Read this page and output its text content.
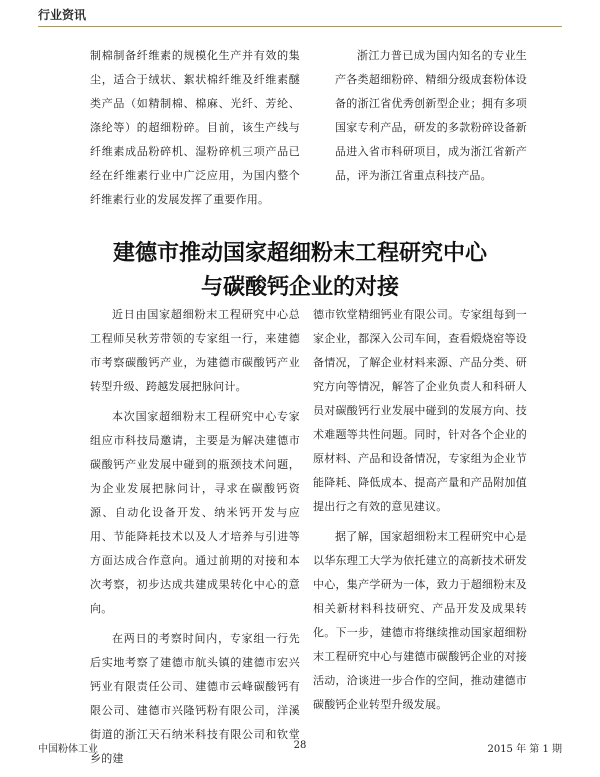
行业资讯

制棉制备纤维素的规模化生产并有效的集尘，适合于绒状、絮状棉纤维及纤维素醚类产品（如精制棉、棉麻、光纤、芳纶、涤纶等）的超细粉碎。目前，该生产线与纤维素成品粉碎机、湿粉碎机三项产品已经在纤维素行业中广泛应用，为国内整个纤维素行业的发展发挥了重要作用。

浙江力普已成为国内知名的专业生产各类超细粉碎、精细分级成套粉体设备的浙江省优秀创新型企业；拥有多项国家专利产品，研发的多款粉碎设备新品进入省市科研项目，成为浙江省新产品，评为浙江省重点科技产品。

建德市推动国家超细粉末工程研究中心
与碳酸钙企业的对接

近日由国家超细粉末工程研究中心总工程师吴秋芳带领的专家组一行，来建德市考察碳酸钙产业，为建德市碳酸钙产业转型升级、跨越发展把脉问计。

本次国家超细粉末工程研究中心专家组应市科技局邀请，主要是为解决建德市碳酸钙产业发展中碰到的瓶颈技术问题，为企业发展把脉问计，寻求在碳酸钙资源、自动化设备开发、纳米钙开发与应用、节能降耗技术以及人才培养与引进等方面达成合作意向。通过前期的对接和本次考察，初步达成共建成果转化中心的意向。

在两日的考察时间内，专家组一行先后实地考察了建德市航头镇的建德市宏兴钙业有限责任公司、建德市云峰碳酸钙有限公司、建德市兴隆钙粉有限公司，洋溪街道的浙江天石纳米科技有限公司和钦堂乡的建

德市钦堂精细钙业有限公司。专家组每到一家企业，都深入公司车间，查看煅烧窑等设备情况，了解企业材料来源、产品分类、研究方向等情况，解答了企业负责人和科研人员对碳酸钙行业发展中碰到的发展方向、技术难题等共性问题。同时，针对各个企业的原材料、产品和设备情况，专家组为企业节能降耗、降低成本、提高产量和产品附加值提出行之有效的意见建议。

据了解，国家超细粉末工程研究中心是以华东理工大学为依托建立的高新技术研发中心，集产学研为一体，致力于超细粉末及相关新材料科技研究、产品开发及成果转化。下一步，建德市将继续推动国家超细粉末工程研究中心与建德市碳酸钙企业的对接活动，洽谈进一步合作的空间，推动建德市碳酸钙企业转型升级发展。

中国粉体工业	28	2015 年 第 1 期
